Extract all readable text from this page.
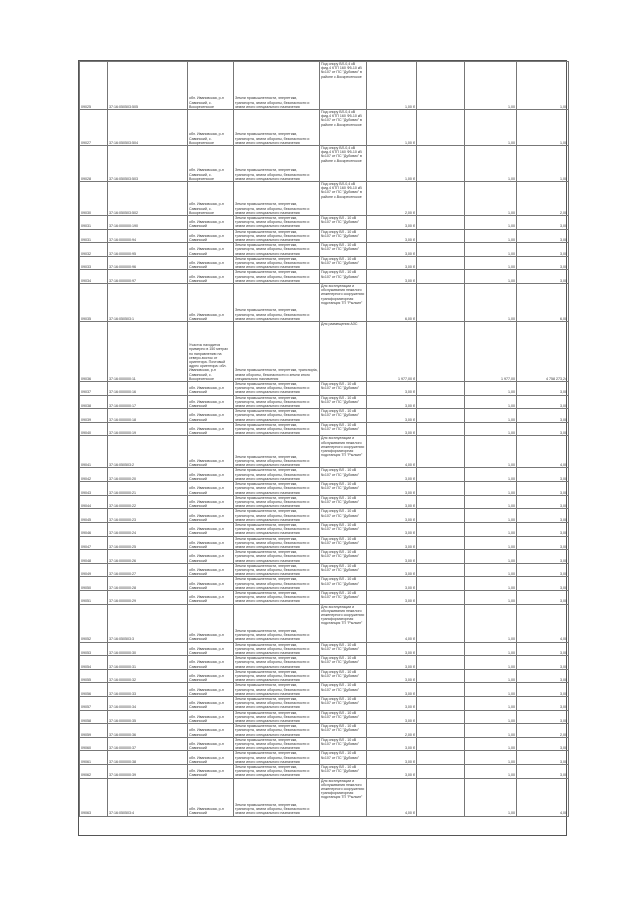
09025	37:16:050503:505	обл. Ивановская, р-н Савинский, с. Воскресенское	Земли промышленности, энергетики, транспорта, земли обороны, безопасности и земли иного специального назначения	Под опору ВЛ-0,4 кВ фид.4 КТП 160 Ф5-10 кВ №107 от ПС "Дубовик" в районе с.Воскресенское	1,00 б		1,00	1,00
09027	37:16:050503:504	обл. Ивановская, р-н Савинский, с. Воскресенское	Земли промышленности, энергетики, транспорта, земли обороны, безопасности и земли иного специального назначения	Под опору ВЛ-0,4 кВ фид.4 КТП 160 Ф5-10 кВ №107 от ПС "Дубовик" в районе с.Воскресенское	1,00 б		1,00	1,00
09028	37:16:050503:503	обл. Ивановская, р-н Савинский, с. Воскресенское	Земли промышленности, энергетики, транспорта, земли обороны, безопасности и земли иного специального назначения	Под опору ВЛ-0,4 кВ фид.4 КТП 160 Ф5-10 кВ №107 от ПС "Дубовик" в районе с.Воскресенское	1,00 б		1,00	1,00
09030	37:16:050503:502	обл. Ивановская, р-н Савинский, с. Воскресенское	Земли промышленности, энергетики, транспорта, земли обороны, безопасности и земли иного специального назначения	Под опору ВЛ-0,4 кВ фид.4 КТП 160 Ф5-10 кВ №107 от ПС "Дубовик" в районе с.Воскресенское	2,00 б		1,00	2,00
09031	37:16:000000:190	обл. Ивановская, р-н Савинский	Земли промышленности, энергетики, транспорта, земли обороны, безопасности и земли иного специального назначения	Под опору ВЛ - 10 кВ №107 от ПС "Дубовик"	3,00 б		1,00	3,00
09031	37:16:000000:94	обл. Ивановская, р-н Савинский	Земли промышленности, энергетики, транспорта, земли обороны, безопасности и земли иного специального назначения	Под опору ВЛ - 10 кВ №107 от ПС "Дубовик"	3,00 б		1,00	3,00
09032	37:16:000000:95	обл. Ивановская, р-н Савинский	Земли промышленности, энергетики, транспорта, земли обороны, безопасности и земли иного специального назначения	Под опору ВЛ - 10 кВ №107 от ПС "Дубовик"	3,00 б		1,00	3,00
09033	37:16:000000:96	обл. Ивановская, р-н Савинский	Земли промышленности, энергетики, транспорта, земли обороны, безопасности и земли иного специального назначения	Под опору ВЛ - 10 кВ №107 от ПС "Дубовик"	3,00 б		1,00	3,00
09034	37:16:000000:97	обл. Ивановская, р-н Савинский	Земли промышленности, энергетики, транспорта, земли обороны, безопасности и земли иного специального назначения	Под опору ВЛ - 10 кВ №107 от ПС "Дубовик"	3,00 б		1,00	3,00
09035	37:16:050503:1	обл. Ивановская, р-н Савинский	Земли промышленности, энергетики, транспорта, земли обороны, безопасности и земли иного специального назначения	Для эксплуатации и обслуживания нежилого инженерного сооружения: трансформаторная подстанция ТП "Рылкин"	6,00 б		1,00	6,00
09036	37:16:000000:11	Участок находится примерно в 150 метрах по направлению на северо-восток от ориентира. Почтовый адрес ориентира: обл. Ивановская, р-н Савинский, с. Воскресенское	Земли промышленности, энергетики, транспорta, земли обороны, безопасности и земли иного специального назначения	Для размещения АЗС	1 977,00 б		1 977,00	4 758 273,24
09037	37:16:000000:16	обл. Ивановская, р-н Савинский	Земли промышленности, энергетики, транспорта, земли обороны, безопасности и земли иного специального назначения	Под опору ВЛ - 10 кВ №107 от ПС "Дубовик"	3,00 б		1,00	3,00
09038	37:16:000000:17	обл. Ивановская, р-н Савинский	Земли промышленности, энергетики, транспорта, земли обороны, безопасности и земли иного специального назначения	Под опору ВЛ - 10 кВ №107 от ПС "Дубовик"	3,00 б		1,00	3,00
09039	37:16:000000:18	обл. Ивановская, р-н Савинский	Земли промышленности, энергетики, транспорта, земли обороны, безопасности и земли иного специального назначения	Под опору ВЛ - 10 кВ №107 от ПС "Дубовик"	3,00 б		1,00	3,00
09040	37:16:000000:19	обл. Ивановская, р-н Савинский	Земли промышленности, энергетики, транспорта, земли обороны, безопасности и земли иного специального назначения	Под опору ВЛ - 10 кВ №107 от ПС "Дубовик"	3,00 б		1,00	3,00
09041	37:16:050503:2	обл. Ивановская, р-н Савинский	Земли промышленности, энергетики, транспорта, земли обороны, безопасности и земли иного специального назначения	Для эксплуатации и обслуживания нежилого инженерного сооружения: трансформаторная подстанция ТП "Рылкин"	4,00 б		1,00	4,00
09042	37:16:000000:20	обл. Ивановская, р-н Савинский	Земли промышленности, энергетики, транспорта, земли обороны, безопасности и земли иного специального назначения	Под опору ВЛ - 10 кВ №107 от ПС "Дубовик"	3,00 б		1,00	3,00
09043	37:16:000000:21	обл. Ивановская, р-н Савинский	Земли промышленности, энергетики, транспорта, земли обороны, безопасности и земли иного специального назначения	Под опору ВЛ - 10 кВ №107 от ПС "Дубовик"	3,00 б		1,00	3,00
09044	37:16:000000:22	обл. Ивановская, р-н Савинский	Земли промышленности, энергетики, транспорта, земли обороны, безопасности и земли иного специального назначения	Под опору ВЛ - 10 кВ №107 от ПС "Дубовик"	3,00 б		1,00	3,00
09045	37:16:000000:23	обл. Ивановская, р-н Савинский	Земли промышленности, энергетики, транспорта, земли обороны, безопасности и земли иного специального назначения	Под опору ВЛ - 10 кВ №107 от ПС "Дубовик"	3,00 б		1,00	3,00
09046	37:16:000000:24	обл. Ивановская, р-н Савинский	Земли промышленности, энергетики, транспорта, земли обороны, безопасности и земли иного специального назначения	Под опору ВЛ - 10 кВ №107 от ПС "Дубовик"	3,00 б		1,00	3,00
09047	37:16:000000:25	обл. Ивановская, р-н Савинский	Земли промышленности, энергетики, транспорта, земли обороны, безопасности и земли иного специального назначения	Под опору ВЛ - 10 кВ №107 от ПС "Дубовик"	3,00 б		1,00	3,00
09048	37:16:000000:26	обл. Ивановская, р-н Савинский	Земли промышленности, энергетики, транспорта, земли обороны, безопасности и земли иного специального назначения	Под опору ВЛ - 10 кВ №107 от ПС "Дубовик"	3,00 б		1,00	3,00
09049	37:16:000000:27	обл. Ивановская, р-н Савинский	Земли промышленности, энергетики, транспорта, земли обороны, безопасности и земли иного специального назначения	Под опору ВЛ - 10 кВ №107 от ПС "Дубовик"	3,00 б		1,00	3,00
09050	37:16:000000:28	обл. Ивановская, р-н Савинский	Земли промышленности, энергетики, транспорта, земли обороны, безопасности и земли иного специального назначения	Под опору ВЛ - 10 кВ №107 от ПС "Дубовик"	3,00 б		1,00	3,00
09051	37:16:000000:29	обл. Ивановская, р-н Савинский	Земли промышленности, энергетики, транспорта, земли обороны, безопасности и земли иного специального назначения	Под опору ВЛ - 10 кВ №107 от ПС "Дубовик"	3,00 б		1,00	3,00
09052	37:16:050503:3	обл. Ивановская, р-н Савинский	Земли промышленности, энергетики, транспорта, земли обороны, безопасности и земли иного специального назначения	Для эксплуатации и обслуживания нежилого инженерного сооружения: трансформаторная подстанция ТП "Рылкин"	4,00 б		1,00	4,00
09053	37:16:000000:30	обл. Ивановская, р-н Савинский	Земли промышленности, энергетики, транспорта, земли обороны, безопасности и земли иного специального назначения	Под опору ВЛ - 10 кВ №107 от ПС "Дубовик"	3,00 б		1,00	3,00
09054	37:16:000000:31	обл. Ивановская, р-н Савинский	Земли промышленности, энергетики, транспорта, земли обороны, безопасности и земли иного специального назначения	Под опору ВЛ - 10 кВ №107 от ПС "Дубовик"	3,00 б		1,00	3,00
09055	37:16:000000:32	обл. Ивановская, р-н Савинский	Земли промышленности, энергетики, транспорта, земли обороны, безопасности и земли иного специального назначения	Под опору ВЛ - 10 кВ №107 от ПС "Дубовик"	3,00 б		1,00	3,00
09056	37:16:000000:33	обл. Ивановская, р-н Савинский	Земли промышленности, энергетики, транспорта, земли обороны, безопасности и земли иного специального назначения	Под опору ВЛ - 10 кВ №107 от ПС "Дубовик"	3,00 б		1,00	3,00
09057	37:16:000000:34	обл. Ивановская, р-н Савинский	Земли промышленности, энергетики, транспорта, земли обороны, безопасности и земли иного специального назначения	Под опору ВЛ - 10 кВ №107 от ПС "Дубовик"	3,00 б		1,00	3,00
09058	37:16:000000:35	обл. Ивановская, р-н Савинский	Земли промышленности, энергетики, транспорта, земли обороны, безопасности и земли иного специального назначения	Под опору ВЛ - 10 кВ №107 от ПС "Дубовик"	3,00 б		1,00	3,00
09059	37:16:000000:36	обл. Ивановская, р-н Савинский	Земли промышленности, энергетики, транспорта, земли обороны, безопасности и земли иного специального назначения	Под опору ВЛ - 10 кВ №107 от ПС "Дубовик"	2,00 б		1,00	2,00
09060	37:16:000000:37	обл. Ивановская, р-н Савинский	Земли промышленности, энергетики, транспорта, земли обороны, безопасности и земли иного специального назначения	Под опору ВЛ - 10 кВ №107 от ПС "Дубовик"	3,00 б		1,00	3,00
09061	37:16:000000:38	обл. Ивановская, р-н Савинский	Земли промышленности, энергетики, транспорта, земли обороны, безопасности и земли иного специального назначения	Под опору ВЛ - 10 кВ №107 от ПС "Дубовик"	3,00 б		1,00	3,00
09062	37:16:000000:39	обл. Ивановская, р-н Савинский	Земли промышленности, энергетики, транспорта, земли обороны, безопасности и земли иного специального назначения	Под опору ВЛ - 10 кВ №107 от ПС "Дубовик"	3,00 б		1,00	3,00
09063	37:16:050503:4	обл. Ивановская, р-н Савинский	Земли промышленности, энергетики, транспорта, земли обороны, безопасности и земли иного специального назначения	Для эксплуатации и обслуживания нежилого инженерного сооружения: трансформаторная подстанция ТП "Рылкин"	4,00 б		1,00	4,00
